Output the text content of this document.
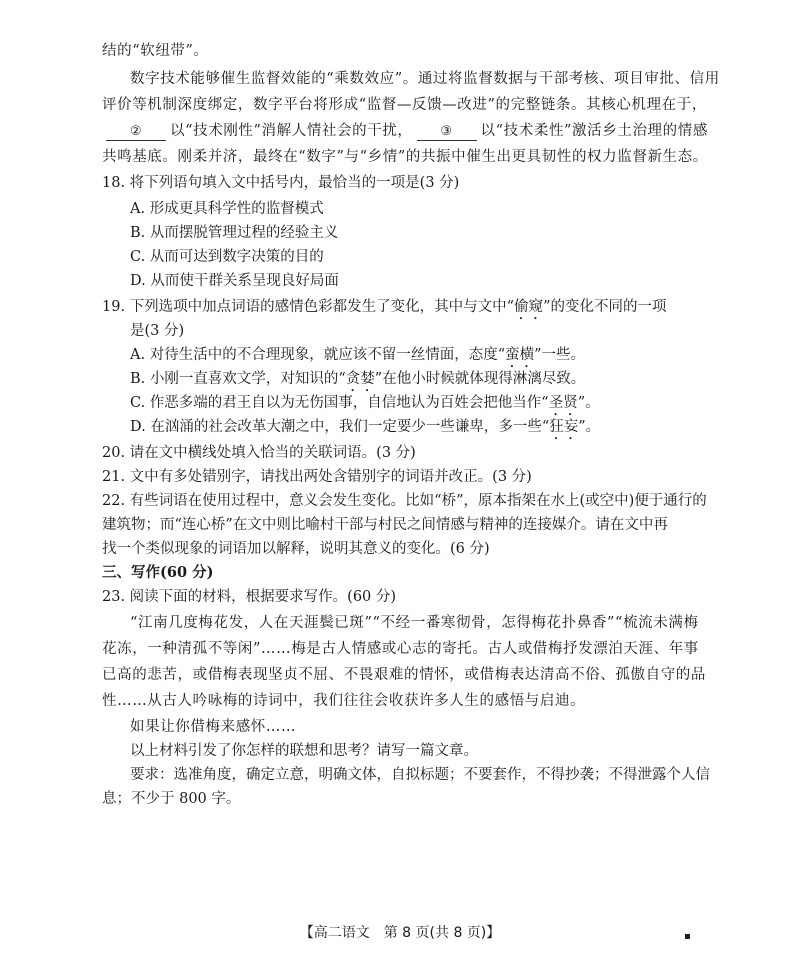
结的“软纽带”。
数字技术能够催生监督效能的“乘数效应”。通过将监督数据与干部考核、项目审批、信用
评价等机制深度绑定，数字平台将形成“监督—反馈—改进”的完整链条。其核心机理在于，
② 以“技术刚性”消解人情社会的干扰， ③ 以“技术柔性”激活乡土治理的情感
共鸣基底。刚柔并济，最终在“数字”与“乡情”的共振中催生出更具韧性的权力监督新生态。
18. 将下列语句填入文中括号内，最恰当的一项是(3 分)
A. 形成更具科学性的监督模式
B. 从而摆脱管理过程的经验主义
C. 从而可达到数字决策的目的
D. 从而使干群关系呈现良好局面
19. 下列选项中加点词语的感情色彩都发生了变化，其中与文中“偷窥”的变化不同的一项
是(3 分)
A. 对待生活中的不合理现象，就应该不留一丝情面，态度“蛮横”一些。
B. 小刚一直喜欢文学，对知识的“贪婪”在他小时候就体现得淋漓尽致。
C. 作恶多端的君王自以为无伤国事，自信地认为百姓会把他当作“圣贤”。
D. 在汹涌的社会改革大潮之中，我们一定要少一些谦卑，多一些“狂妄”。
20. 请在文中横线处填入恰当的关联词语。(3 分)
21. 文中有多处错别字，请找出两处含错别字的词语并改正。(3 分)
22. 有些词语在使用过程中，意义会发生变化。比如“桥”，原本指架在水上(或空中)便于通行的
建筑物；而“连心桥”在文中则比喻村干部与村民之间情感与精神的连接媒介。请在文中再
找一个类似现象的词语加以解释，说明其意义的变化。(6 分)
三、写作(60 分)
23. 阅读下面的材料，根据要求写作。(60 分)
“江南几度梅花发，人在天涯鬓已斑”“不经一番寒彻骨，怎得梅花扑鼻香”“梳流未满梅
花冻，一种清孤不等闲”……梅是古人情感或心志的寄托。古人或借梅抒发漂泊天涯、年事
已高的悲苦，或借梅表现坚贞不屈、不畏艰难的情怀，或借梅表达清高不俗、孤傲自守的品
性……从古人吟咏梅的诗词中，我们往往会收获许多人生的感悟与启迪。
如果让你借梅来感怀……
以上材料引发了你怎样的联想和思考？请写一篇文章。
要求：选准角度，确定立意，明确文体，自拟标题；不要套作，不得抄袭；不得泄露个人信
息；不少于 800 字。
【高二语文　第 8 页(共 8 页)】	▪
